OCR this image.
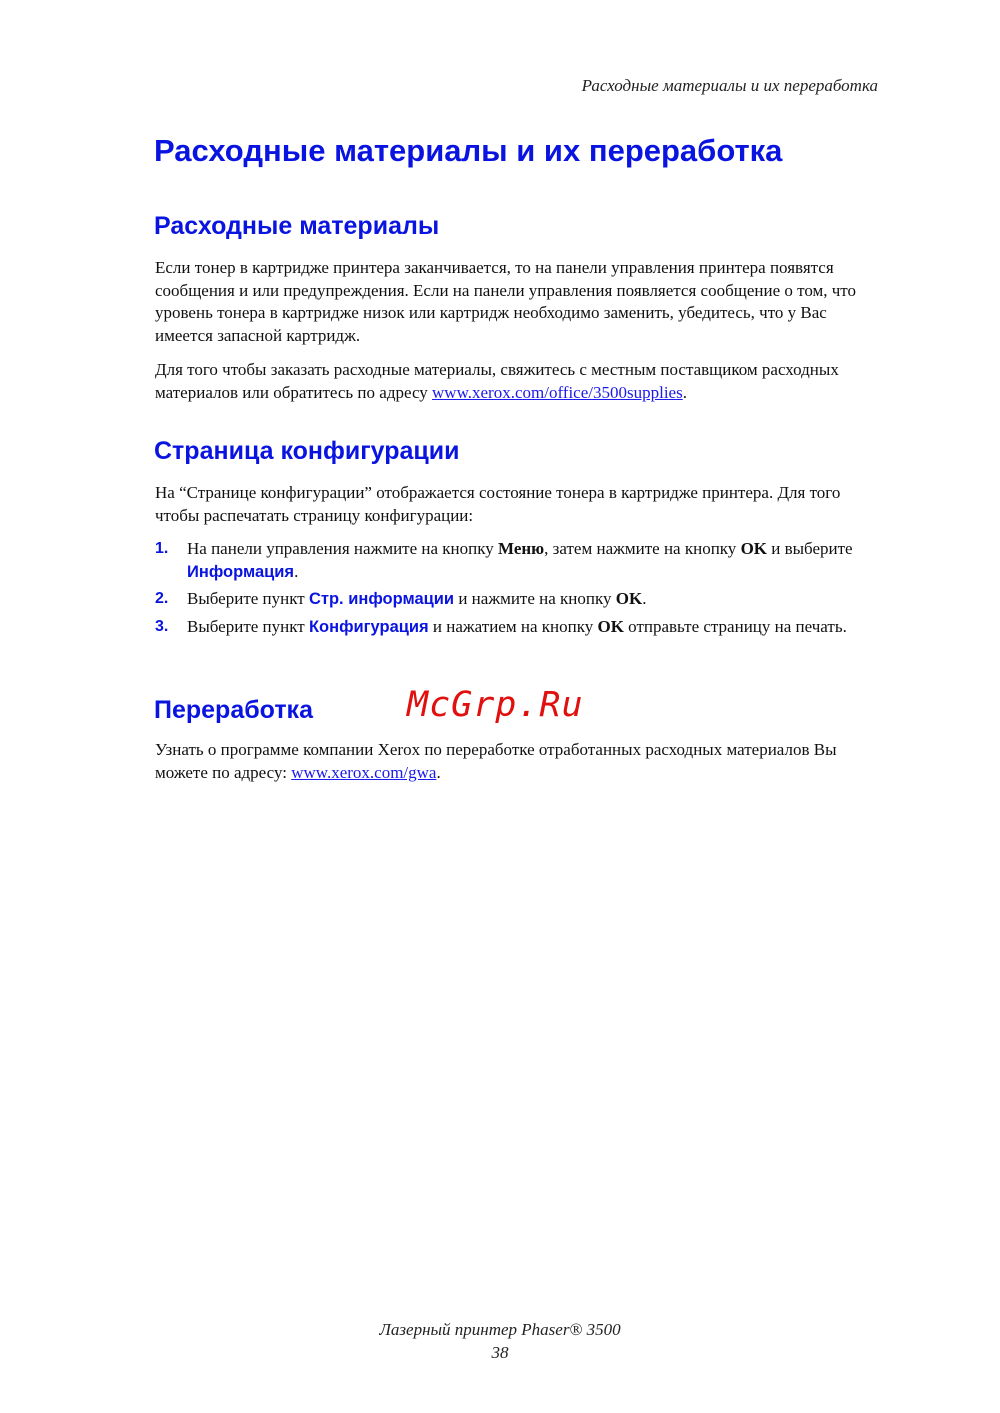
Расходные материалы и их переработка
Расходные материалы и их переработка
Расходные материалы

Если тонер в картридже принтера заканчивается, то на панели управления принтера появятся сообщения и или предупреждения. Если на панели управления появляется сообщение о том, что уровень тонера в картридже низок или картридж необходимо заменить, убедитесь, что у Вас имеется запасной картридж.

Для того чтобы заказать расходные материалы, свяжитесь с местным поставщиком расходных материалов или обратитесь по адресу www.xerox.com/office/3500supplies.

Страница конфигурации

На “Странице конфигурации” отображается состояние тонера в картридже принтера. Для того чтобы распечатать страницу конфигурации:

1. На панели управления нажмите на кнопку Меню, затем нажмите на кнопку OK и выберите Информация.
2. Выберите пункт Стр. информации и нажмите на кнопку OK.
3. Выберите пункт Конфигурация и нажатием на кнопку OK отправьте страницу на печать.
Переработка	McGrp.Ru

Узнать о программе компании Xerox по переработке отработанных расходных материалов Вы можете по адресу: www.xerox.com/gwa.

Лазерный принтер Phaser® 3500
38
